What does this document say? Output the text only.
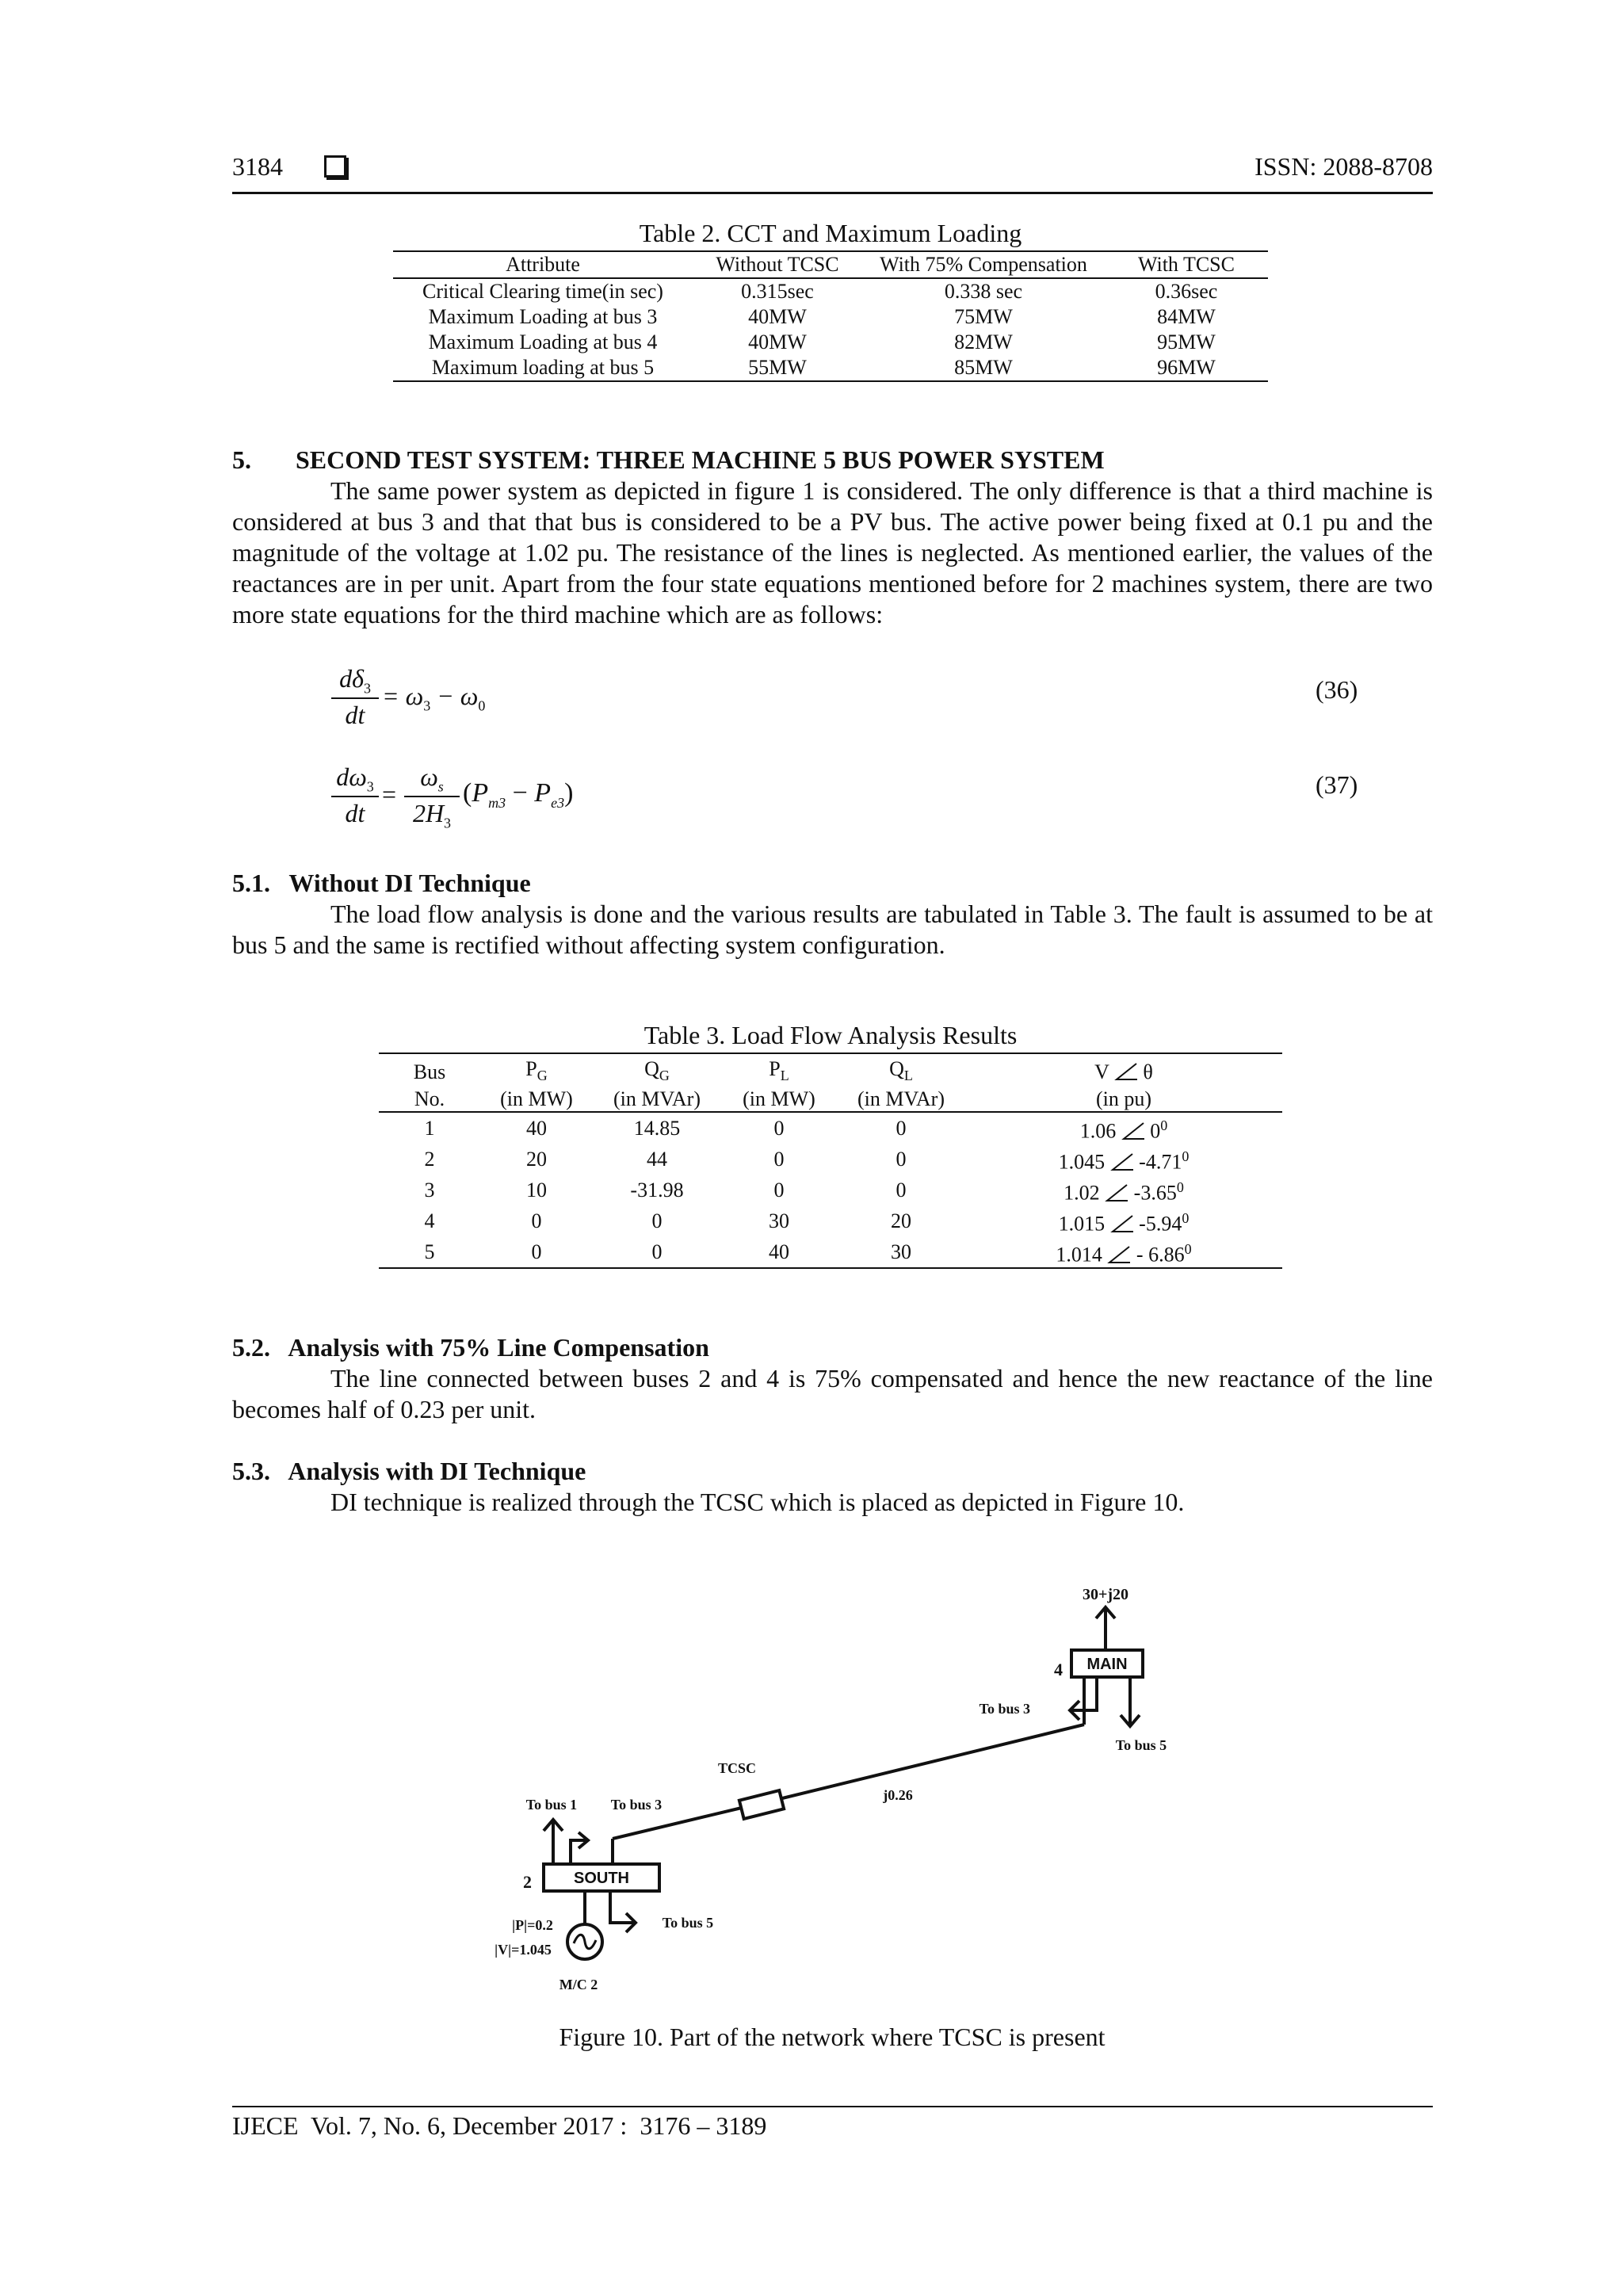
3184	ISSN: 2088-8708
Table 2. CCT and Maximum Loading
Attribute	Without TCSC	With 75% Compensation	With TCSC
Critical Clearing time(in sec)	0.315sec	0.338 sec	0.36sec
Maximum Loading at bus 3	40MW	75MW	84MW
Maximum Loading at bus 4	40MW	82MW	95MW
Maximum loading at bus 5	55MW	85MW	96MW
5.       SECOND TEST SYSTEM: THREE MACHINE 5 BUS POWER SYSTEM

The same power system as depicted in figure 1 is considered. The only difference is that a third machine is considered at bus 3 and that that bus is considered to be a PV bus. The active power being fixed at 0.1 pu and the magnitude of the voltage at 1.02 pu. The resistance of the lines is neglected. As mentioned earlier, the values of the reactances are in per unit. Apart from the four state equations mentioned before for 2 machines system, there are two more state equations for the third machine which are as follows:

$d\delta_3$
dt
= $\omega_3 - \omega_0$
(36)
$d\omega_3$
dt
=
$\omega_s$
$2H_3$
$(P_{m3} - P_{e3})$	(37)
5.1.   Without DI Technique

The load flow analysis is done and the various results are tabulated in Table 3. The fault is assumed to be at bus 5 and the same is rectified without affecting system configuration.

Table 3. Load Flow Analysis Results
Bus	$P_G$	$Q_G$	$P_L$	$Q_L$	V θ
No.	(in MW)	(in MVAr)	(in MW)	(in MVAr)	(in pu)
1	40	14.85	0	0	1.06 $0^0$
2	20	44	0	0	1.045 -4.71$^0$
3	10	-31.98	0	0	1.02 -3.65$^0$
4	0	0	30	20	1.015 -5.94$^0$
5	0	0	40	30	1.014 - 6.86$^0$
5.2.   Analysis with 75% Line Compensation

The line connected between buses 2 and 4 is 75% compensated and hence the new reactance of the line becomes half of 0.23 per unit.

5.3.   Analysis with DI Technique

DI technique is realized through the TCSC which is placed as depicted in Figure 10.

30+j20
4 MAIN
To bus 3
To bus 5
TCSC
j0.26
To bus 1 To bus 3
2	SOUTH
To bus 5
|P|=0.2
|V|=1.045
M/C 2
Figure 10. Part of the network where TCSC is present
IJECE  Vol. 7, No. 6, December 2017 :  3176 – 3189
